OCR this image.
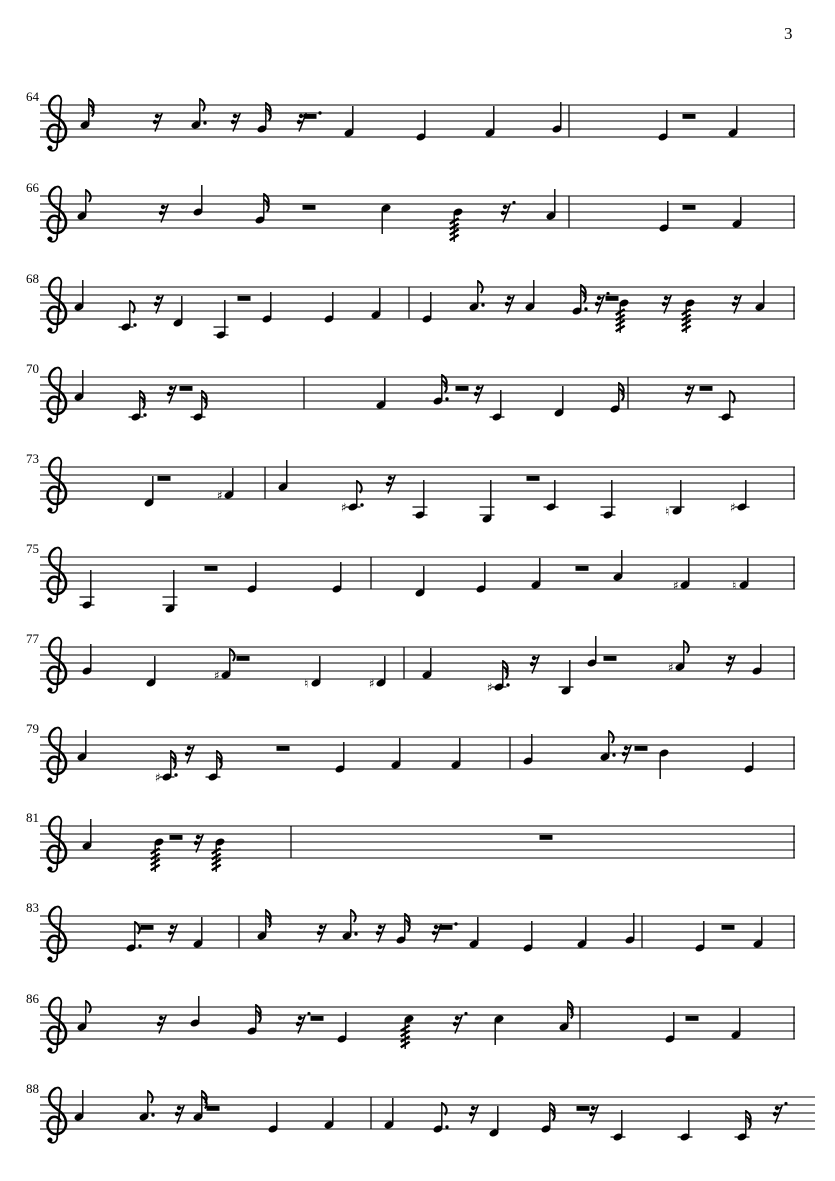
3
64
66
68
70
73
♯
♯	♮	♯
75
♯	♮
77
♯
♮	♯	♯
♯
79
♯
81
83
86
88
